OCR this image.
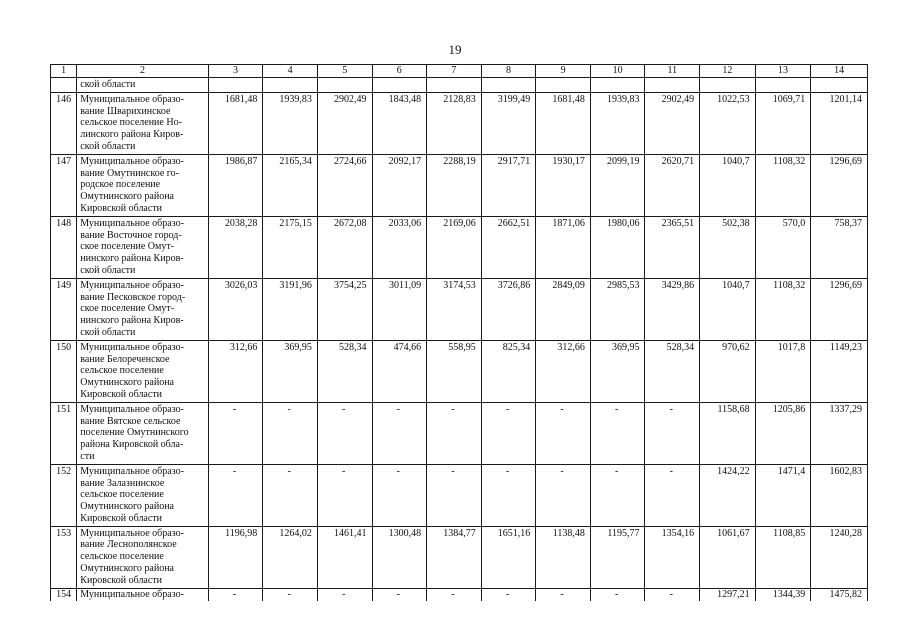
19
1	2	3	4	5	6	7	8	9	10	11	12	13	14

	ской области												

146	Муниципальное образо-
вание Шварихинское
сельское поселение Но-
линского района Киров-
ской области	1681,48	1939,83	2902,49	1843,48	2128,83	3199,49	1681,48	1939,83	2902,49	1022,53	1069,71	1201,14
147	Муниципальное образо-
вание Омутнинское го-
родское поселение
Омутнинского района
Кировской области	1986,87	2165,34	2724,66	2092,17	2288,19	2917,71	1930,17	2099,19	2620,71	1040,7	1108,32	1296,69
148	Муниципальное образо-
вание Восточное город-
ское поселение Омут-
нинского района Киров-
ской области	2038,28	2175,15	2672,08	2033,06	2169,06	2662,51	1871,06	1980,06	2365,51	502,38	570,0	758,37
149	Муниципальное образо-
вание Песковское город-
ское поселение Омут-
нинского района Киров-
ской области	3026,03	3191,96	3754,25	3011,09	3174,53	3726,86	2849,09	2985,53	3429,86	1040,7	1108,32	1296,69
150	Муниципальное образо-
вание Белореченское
сельское поселение
Омутнинского района
Кировской области	312,66	369,95	528,34	474,66	558,95	825,34	312,66	369,95	528,34	970,62	1017,8	1149,23
151	Муниципальное образо-
вание Вятское сельское
поселение Омутнинского
района Кировской обла-
сти	-	-	-	-	-	-	-	-	-	1158,68	1205,86	1337,29
152	Муниципальное образо-
вание Залазнинское
сельское поселение
Омутнинского района
Кировской области	-	-	-	-	-	-	-	-	-	1424,22	1471,4	1602,83
153	Муниципальное образо-
вание Леснополянское
сельское поселение
Омутнинского района
Кировской области	1196,98	1264,02	1461,41	1300,48	1384,77	1651,16	1138,48	1195,77	1354,16	1061,67	1108,85	1240,28
154	Муниципальное образо-	-	-	-	-	-	-	-	-	-	1297,21	1344,39	1475,82
